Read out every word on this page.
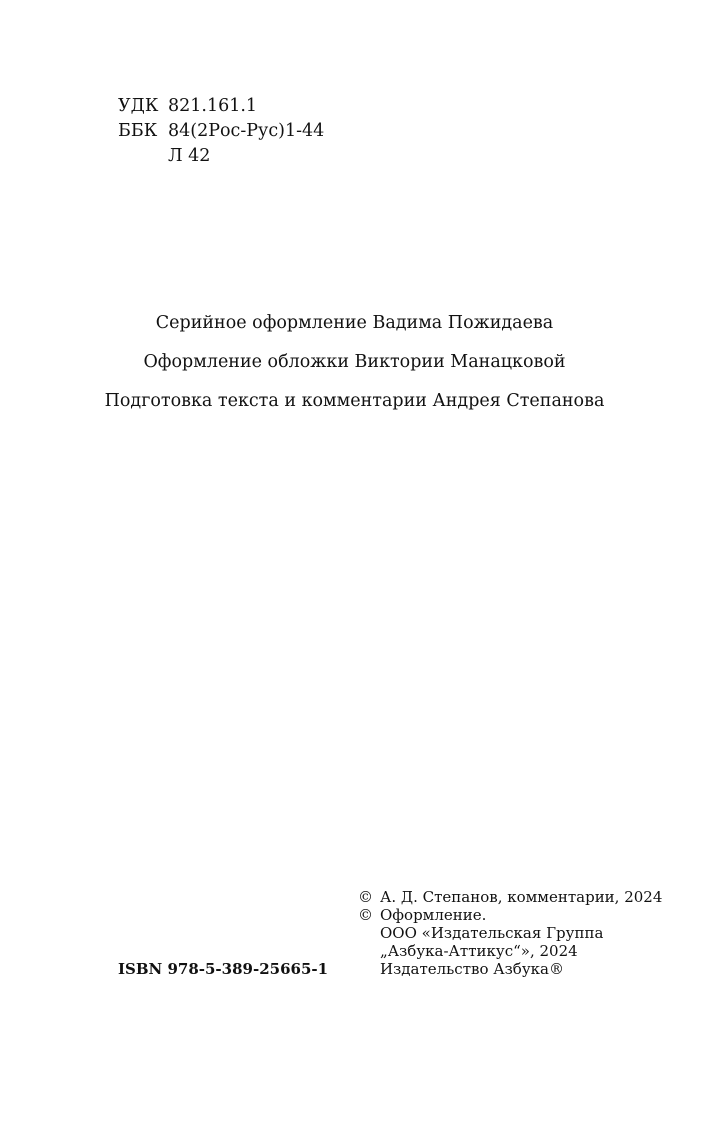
УДК 821.161.1
ББК 84(2Рос-Рус)1-44
Л 42
Серийное оформление Вадима Пожидаева
Оформление обложки Виктории Манацковой
Подготовка текста и комментарии Андрея Степанова
ISBN 978-5-389-25665-1
© А. Д. Степанов, комментарии, 2024
© Оформление.
ООО «Издательская Группа
„Азбука-Аттикус“», 2024
Издательство Азбука®
